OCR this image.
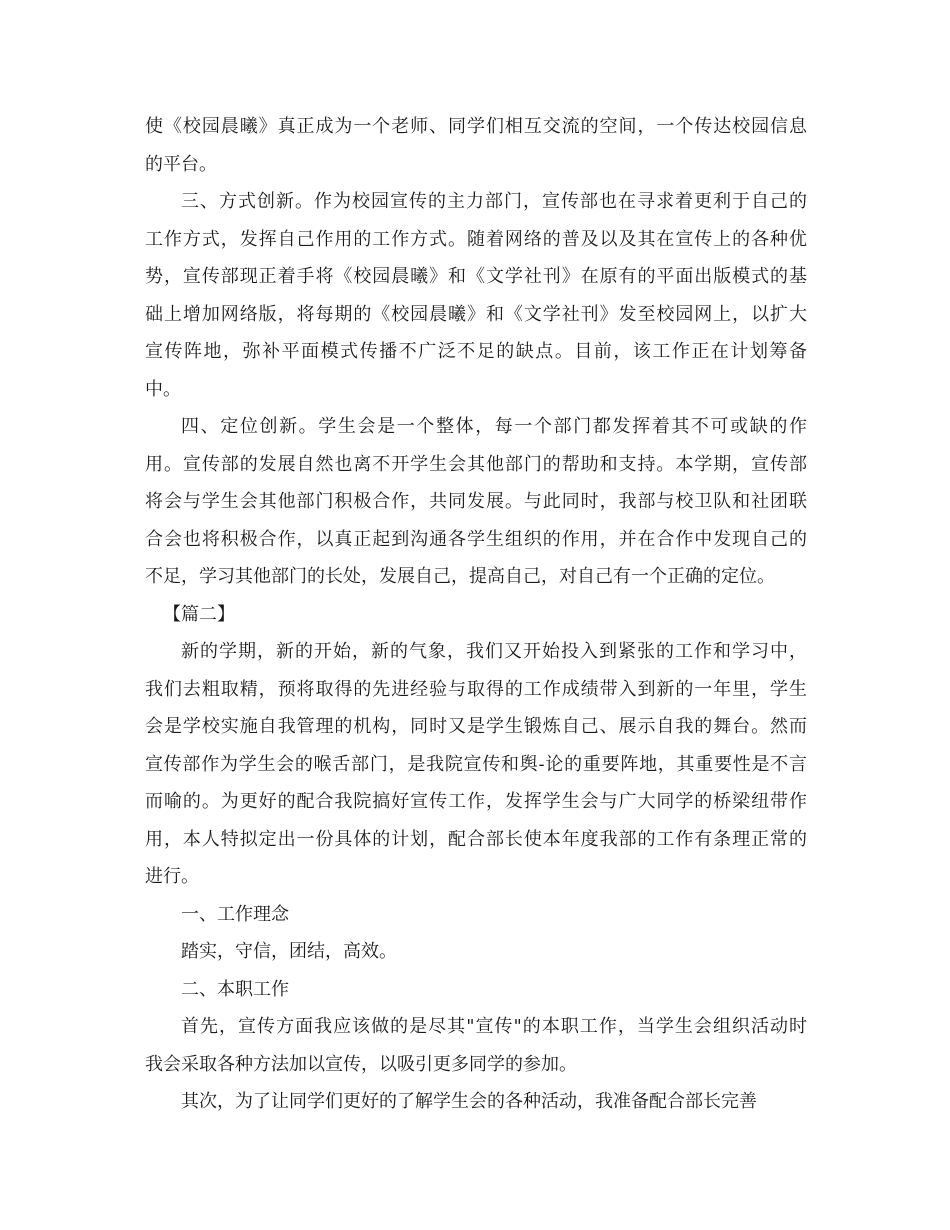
使《校园晨曦》真正成为一个老师、同学们相互交流的空间，一个传达校园信息
的平台。
三、方式创新。作为校园宣传的主力部门，宣传部也在寻求着更利于自己的
工作方式，发挥自己作用的工作方式。随着网络的普及以及其在宣传上的各种优
势，宣传部现正着手将《校园晨曦》和《文学社刊》在原有的平面出版模式的基
础上增加网络版，将每期的《校园晨曦》和《文学社刊》发至校园网上，以扩大
宣传阵地，弥补平面模式传播不广泛不足的缺点。目前，该工作正在计划筹备
中。
四、定位创新。学生会是一个整体，每一个部门都发挥着其不可或缺的作
用。宣传部的发展自然也离不开学生会其他部门的帮助和支持。本学期，宣传部
将会与学生会其他部门积极合作，共同发展。与此同时，我部与校卫队和社团联
合会也将积极合作，以真正起到沟通各学生组织的作用，并在合作中发现自己的
不足，学习其他部门的长处，发展自己，提高自己，对自己有一个正确的定位。
【篇二】
新的学期，新的开始，新的气象，我们又开始投入到紧张的工作和学习中，
我们去粗取精，预将取得的先进经验与取得的工作成绩带入到新的一年里，学生
会是学校实施自我管理的机构，同时又是学生锻炼自己、展示自我的舞台。然而
宣传部作为学生会的喉舌部门，是我院宣传和舆-论的重要阵地，其重要性是不言
而喻的。为更好的配合我院搞好宣传工作，发挥学生会与广大同学的桥梁纽带作
用，本人特拟定出一份具体的计划，配合部长使本年度我部的工作有条理正常的
进行。
一、工作理念
踏实，守信，团结，高效。
二、本职工作
首先，宣传方面我应该做的是尽其"宣传"的本职工作，当学生会组织活动时
我会采取各种方法加以宣传，以吸引更多同学的参加。
其次，为了让同学们更好的了解学生会的各种活动，我准备配合部长完善
